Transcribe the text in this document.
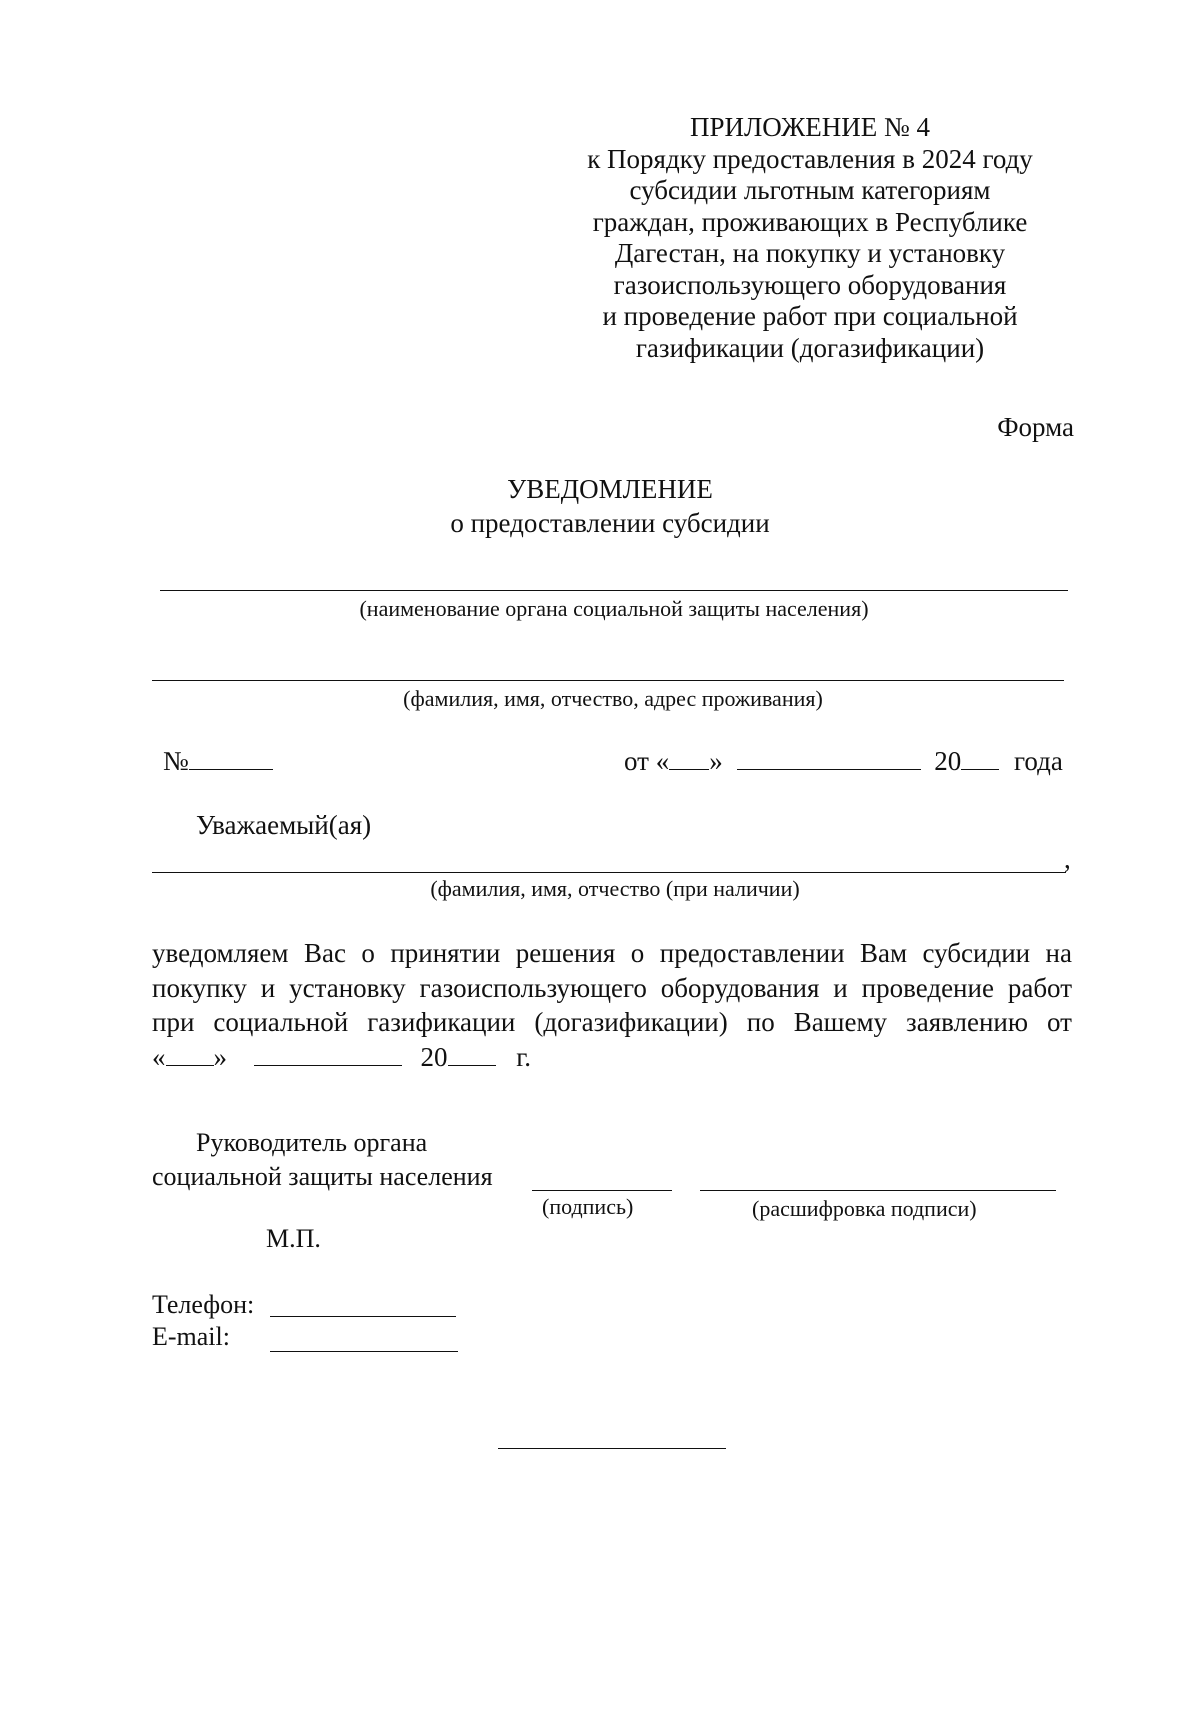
ПРИЛОЖЕНИЕ № 4
к Порядку предоставления в 2024 году
субсидии льготным категориям
граждан, проживающих в Республике
Дагестан, на покупку и установку
газоиспользующего оборудования
и проведение работ при социальной
газификации (догазификации)
Форма
УВЕДОМЛЕНИЕ
о предоставлении субсидии
(наименование органа социальной защиты населения)
(фамилия, имя, отчество, адрес проживания)
№	от « »	20 года
Уважаемый(ая)
,
(фамилия, имя, отчество (при наличии)
уведомляем Вас о принятии решения о предоставлении Вам субсидии на
покупку и установку газоиспользующего оборудования и проведение работ
при социальной газификации (догазификации) по Вашему заявлению от
« »	20	г.
Руководитель органа
социальной защиты населения
(подпись)	(расшифровка подписи)
М.П.
Телефон:
E-mail:
